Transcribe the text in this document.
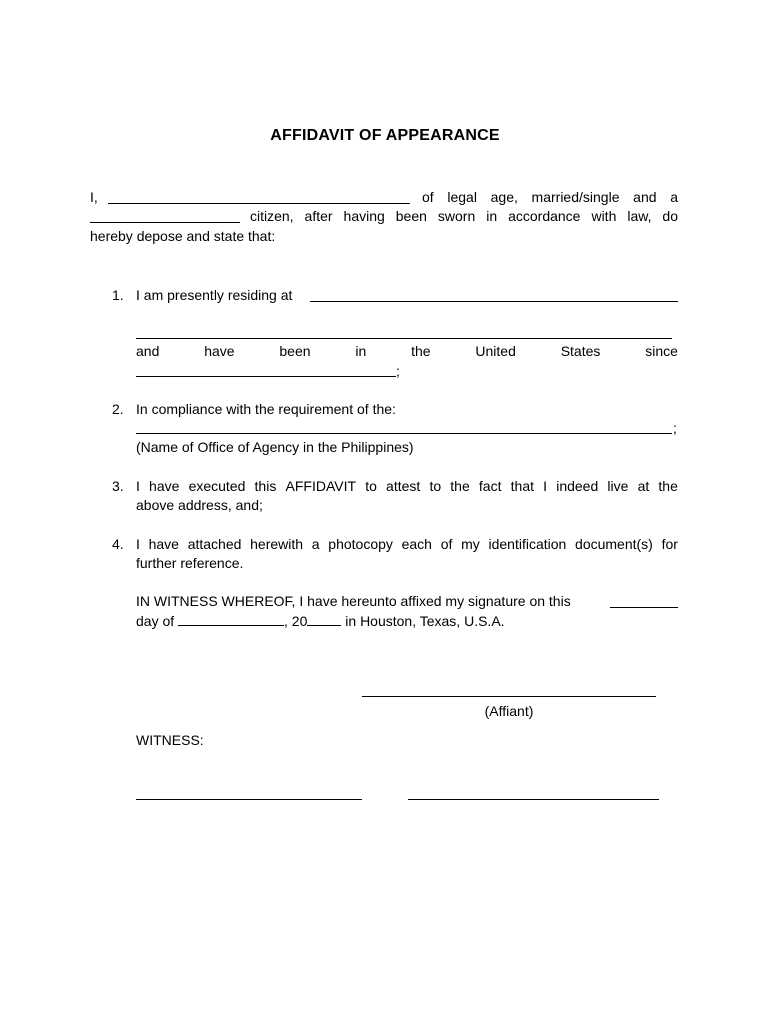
AFFIDAVIT OF APPEARANCE
I,	of legal age, married/single and a
citizen, after having been sworn in accordance with law, do
hereby depose and state that:
1. I am presently residing at
and	have	been	in	the	United	States	since
;
2. In compliance with the requirement of the:
;
(Name of Office of Agency in the Philippines)
3. I have executed this AFFIDAVIT to attest to the fact that I indeed live at the
above address, and;
4. I have attached herewith a photocopy each of my identification document(s) for
further reference.
IN WITNESS WHEREOF, I have hereunto affixed my signature on this
day of	, 20	in Houston, Texas, U.S.A.
(Affiant)
WITNESS:
